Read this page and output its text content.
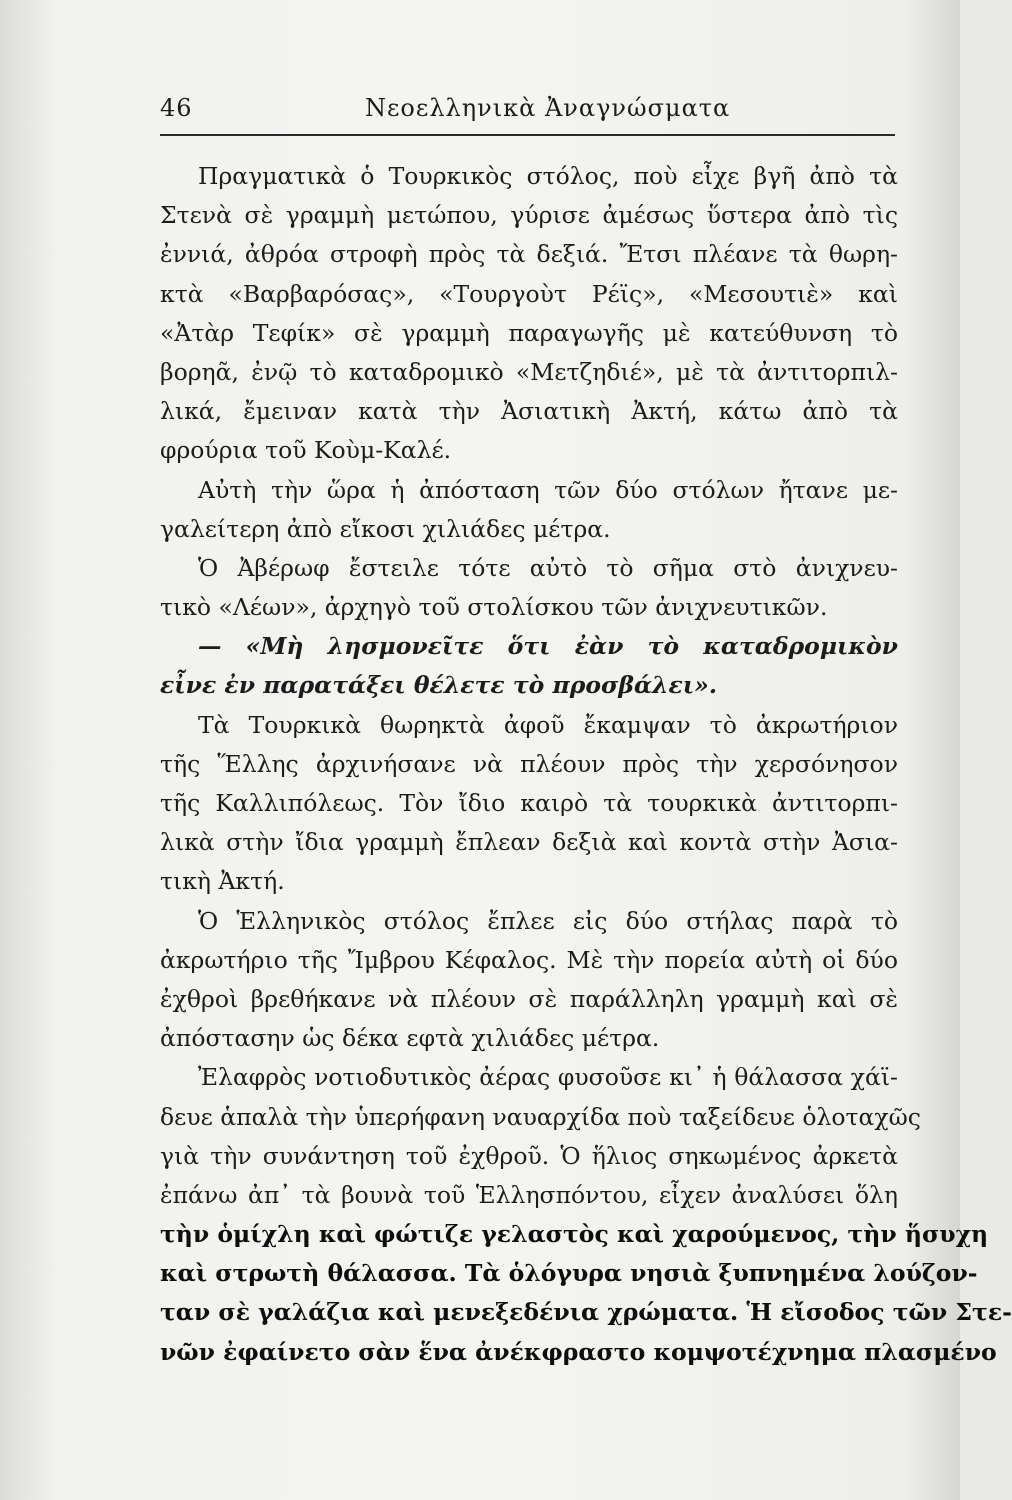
46	Νεοελληνικὰ Ἀναγνώσματα
Πραγματικὰ ὁ Τουρκικὸς στόλος, ποὺ εἶχε βγῆ ἀπὸ τὰ
Στενὰ σὲ γραμμὴ μετώπου, γύρισε ἀμέσως ὕστερα ἀπὸ τὶς
ἐννιά, ἀθρόα στροφὴ πρὸς τὰ δεξιά. Ἔτσι πλέανε τὰ θωρη-
κτὰ «Βαρβαρόσας», «Τουργοὺτ Ρέϊς», «Μεσουτιὲ» καὶ
«Ἀτὰρ Τεφίκ» σὲ γραμμὴ παραγωγῆς μὲ κατεύθυνση τὸ
βορηᾶ, ἐνῷ τὸ καταδρομικὸ «Μετζηδιέ», μὲ τὰ ἀντιτορπιλ-
λικά, ἔμειναν κατὰ τὴν Ἀσιατικὴ Ἀκτή, κάτω ἀπὸ τὰ
φρούρια τοῦ Κοὺμ-Καλέ.
Αὐτὴ τὴν ὥρα ἡ ἀπόσταση τῶν δύο στόλων ἤτανε με-
γαλείτερη ἀπὸ εἴκοσι χιλιάδες μέτρα.
Ὁ Ἀβέρωφ ἔστειλε τότε αὐτὸ τὸ σῆμα στὸ ἀνιχνευ-
τικὸ «Λέων», ἀρχηγὸ τοῦ στολίσκου τῶν ἀνιχνευτικῶν.
— «Μὴ λησμονεῖτε ὅτι ἐὰν τὸ καταδρομικὸν
εἶνε ἐν παρατάξει θέλετε τὸ προσβάλει».
Τὰ Τουρκικὰ θωρηκτὰ ἀφοῦ ἔκαμψαν τὸ ἀκρωτήριον
τῆς Ἕλλης ἀρχινήσανε νὰ πλέουν πρὸς τὴν χερσόνησον
τῆς Καλλιπόλεως. Τὸν ἴδιο καιρὸ τὰ τουρκικὰ ἀντιτορπι-
λικὰ στὴν ἴδια γραμμὴ ἔπλεαν δεξιὰ καὶ κοντὰ στὴν Ἀσια-
τικὴ Ἀκτή.
Ὁ Ἑλληνικὸς στόλος ἔπλεε εἰς δύο στήλας παρὰ τὸ
ἀκρωτήριο τῆς Ἴμβρου Κέφαλος. Μὲ τὴν πορεία αὐτὴ οἱ δύο
ἐχθροὶ βρεθήκανε νὰ πλέουν σὲ παράλληλη γραμμὴ καὶ σὲ
ἀπόστασην ὡς δέκα εφτὰ χιλιάδες μέτρα.
Ἐλαφρὸς νοτιοδυτικὸς ἀέρας φυσοῦσε κι᾿ ἡ θάλασσα χάϊ-
δευε ἁπαλὰ τὴν ὑπερήφανη ναυαρχίδα ποὺ ταξείδευε ὁλοταχῶς
γιὰ τὴν συνάντηση τοῦ ἐχθροῦ. Ὁ ἥλιος σηκωμένος ἀρκετὰ
ἐπάνω ἀπ᾿ τὰ βουνὰ τοῦ Ἑλλησπόντου, εἶχεν ἀναλύσει ὅλη
τὴν ὁμίχλη καὶ φώτιζε γελαστὸς καὶ χαρούμενος, τὴν ἥσυχη
καὶ στρωτὴ θάλασσα. Τὰ ὁλόγυρα νησιὰ ξυπνημένα λούζον-
ταν σὲ γαλάζια καὶ μενεξεδένια χρώματα. Ἡ εἴσοδος τῶν Στε-
νῶν ἐφαίνετο σὰν ἕνα ἀνέκφραστο κομψοτέχνημα πλασμένο
